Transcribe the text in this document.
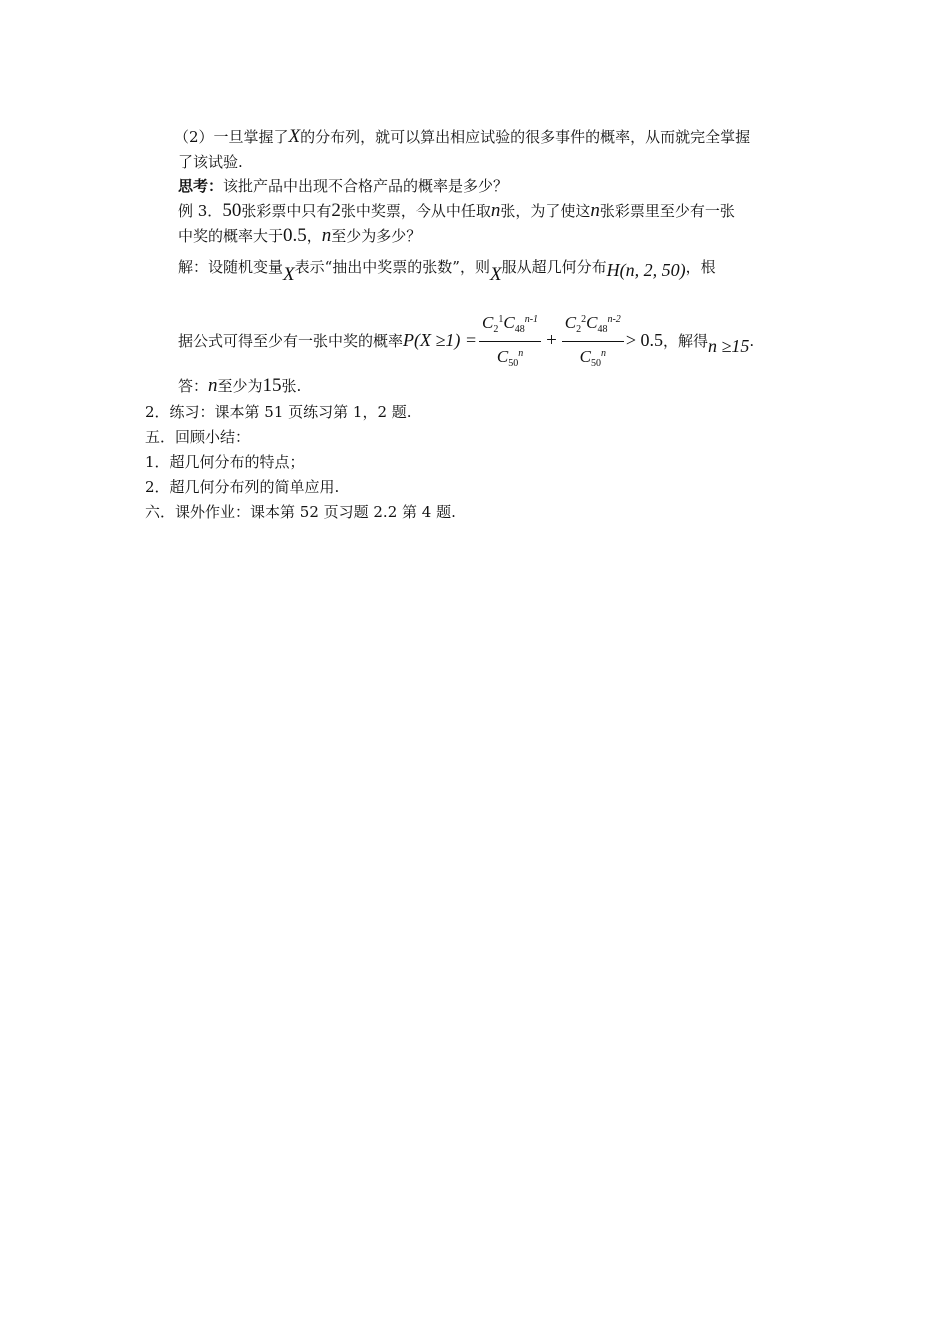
（2）一旦掌握了X的分布列，就可以算出相应试验的很多事件的概率，从而就完全掌握
了该试验.
思考：该批产品中出现不合格产品的概率是多少？
例 3．50张彩票中只有2张中奖票，今从中任取n张，为了使这n张彩票里至少有一张
中奖的概率大于0.5，n至少为多少？
解：设随机变量X表示“抽出中奖票的张数”，则X服从超几何分布H(n, 2, 50)，根
据公式可得至少有一张中奖的概率$P(X \ge 1) = \frac{C_2^1C_{48}^{n-1}}{C_{50}^n} + \frac{C_2^2C_{48}^{n-2}}{C_{50}^n} > 0.5$，解得n ≥15.
答：n至少为15张.
2．练习：课本第 51 页练习第 1，2 题.
五．回顾小结：
1．超几何分布的特点；
2．超几何分布列的简单应用.
六．课外作业：课本第 52 页习题 2.2 第 4 题.
